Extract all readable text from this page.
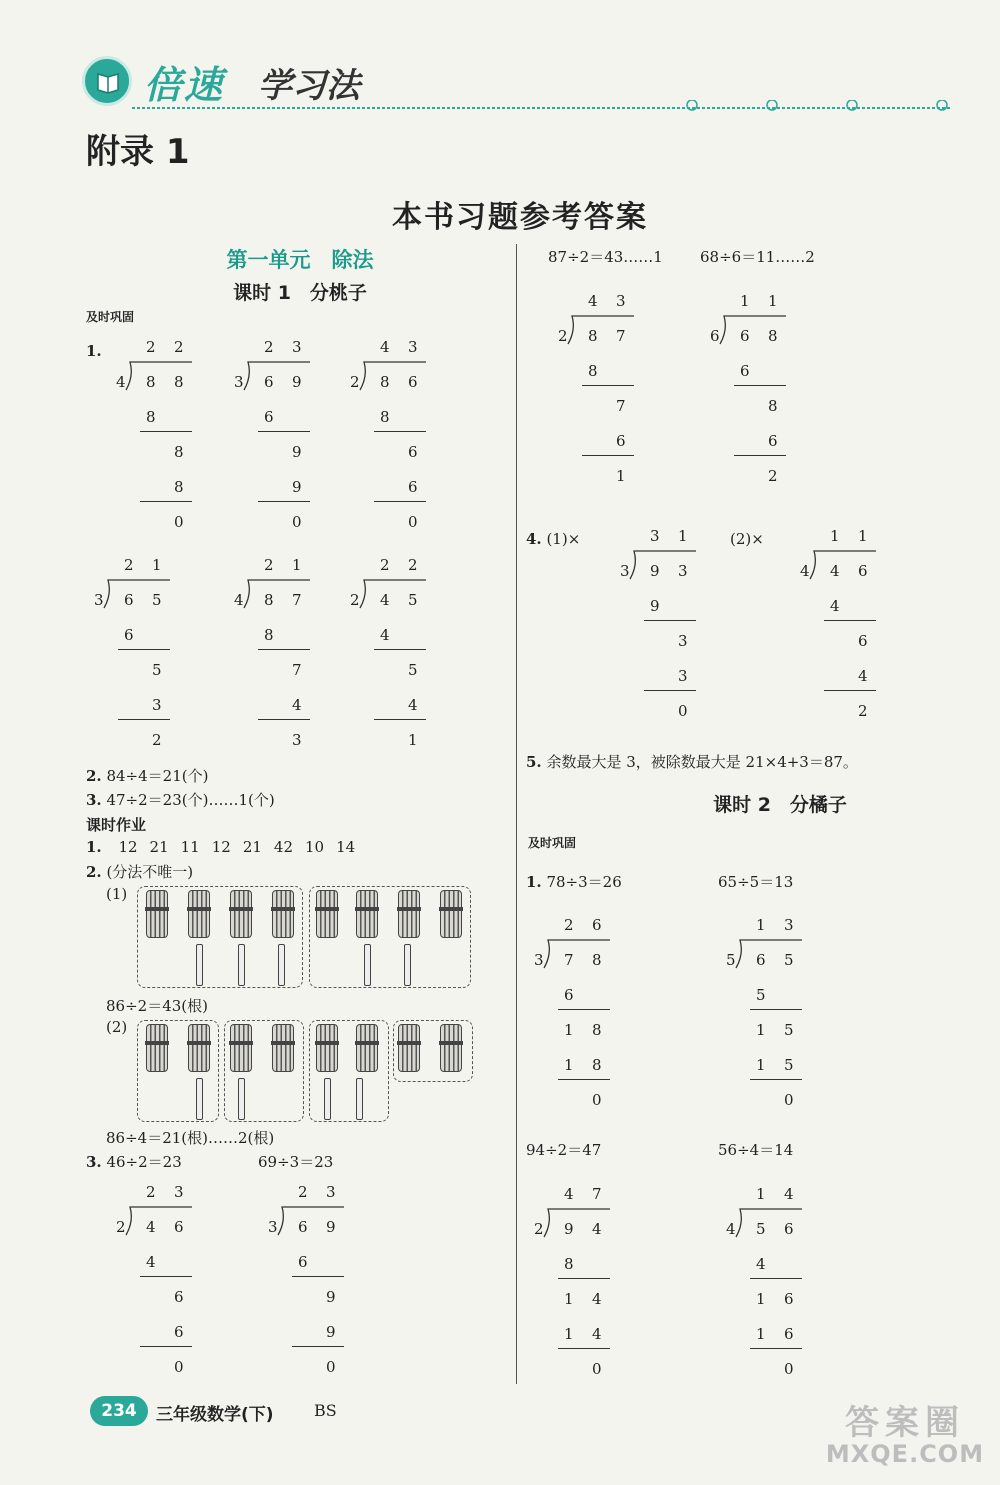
倍速 学习法
附录 1
本书习题参考答案
第一单元　除法
课时 1　分桃子
及时巩固
1.	2 2
4 8 8
8
8
8
0
2 3
3 6 9
6
9
9
0
4 3
2 8 6
8
6
6
0
2 1
3 6 5
6
5
3
2
2 1
4 8 7
8
7
4
3
2 2
2 4 5
4
5
4
1
2 3
2 4 6
4
6
6
0
2 3
3 6 9
6
9
9
0
4 3
2 8 7
8
7
6
1
1 1
6 6 8
6
8
6
2
3 1
3 9 3
9
3
3
0
1 1
4 4 6
4
6
4
2
2 6
3 7 8
6
1 8
1 8
0
1 3
5 6 5
5
1 5
1 5
0
4 7
2 9 4
8
1 4
1 4
0
1 4
4 5 6
4
1 6
1 6
0
2. 84÷4＝21(个)
3. 47÷2＝23(个)……1(个)
课时作业
1. 12 21 11 12 21 42 10 14
2. (分法不唯一)
(1)
86÷2＝43(根)
(2)
86÷4＝21(根)……2(根)
3. 46÷2＝23	69÷3＝23
87÷2＝43……1 68÷6＝11……2
4. (1)×	(2)×
5. 余数最大是 3，被除数最大是 21×4+3＝87。
课时 2　分橘子
及时巩固
1. 78÷3＝26	65÷5＝13
94÷2＝47	56÷4＝14
234	三年级数学(下)	BS	答案圈
MXQE.COM
